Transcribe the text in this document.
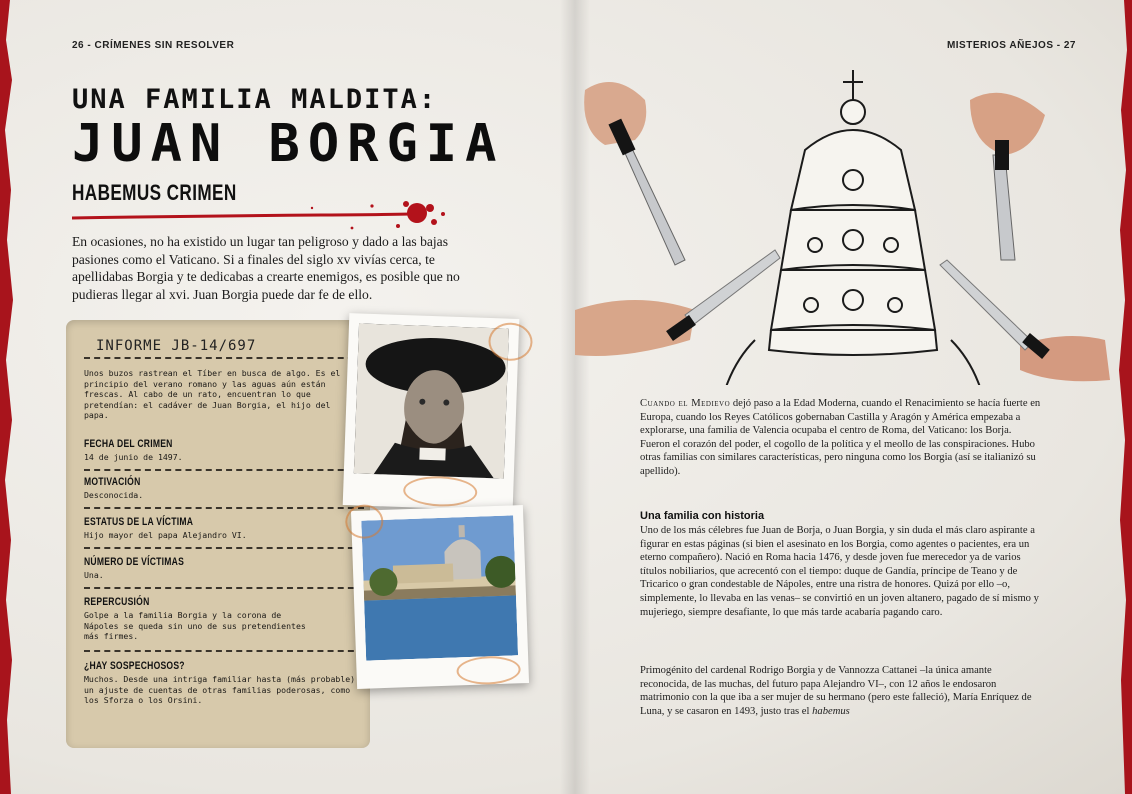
26 - CRÍMENES SIN RESOLVER	MISTERIOS AÑEJOS - 27
UNA FAMILIA MALDITA:
JUAN BORGIA
HABEMUS CRIMEN
En ocasiones, no ha existido un lugar tan peligroso y dado a las bajas pasiones como el Vaticano. Si a finales del siglo xv vivías cerca, te apellidabas Borgia y te dedicabas a crearte enemigos, es posible que no pudieras llegar al xvi. Juan Borgia puede dar fe de ello.
INFORME JB-14/697
Unos buzos rastrean el Tíber en busca de algo. Es el principio del verano romano y las aguas aún están frescas. Al cabo de un rato, encuentran lo que pretendían: el cadáver de Juan Borgia, el hijo del papa.
FECHA DEL CRIMEN
14 de junio de 1497.
MOTIVACIÓN
Desconocida.
ESTATUS DE LA VÍCTIMA
Hijo mayor del papa Alejandro VI.
NÚMERO DE VÍCTIMAS
Una.
REPERCUSIÓN
Golpe a la familia Borgia y la corona de Nápoles se queda sin uno de sus pretendientes más firmes.
¿HAY SOSPECHOSOS?
Muchos. Desde una intriga familiar hasta (más probable) un ajuste de cuentas de otras familias poderosas, como los Sforza o los Orsini.
Cuando el Medievo dejó paso a la Edad Moderna, cuando el Renacimiento se hacía fuerte en Europa, cuando los Reyes Católicos gobernaban Castilla y Aragón y América empezaba a explorarse, una familia de Valencia ocupaba el centro de Roma, del Vaticano: los Borja. Fueron el corazón del poder, el cogollo de la política y el meollo de las conspiraciones. Hubo otras familias con similares características, pero ninguna como los Borgia (así se italianizó su apellido).
Una familia con historia
Uno de los más célebres fue Juan de Borja, o Juan Borgia, y sin duda el más claro aspirante a figurar en estas páginas (si bien el asesinato en los Borgia, como agentes o pacientes, era un eterno compañero). Nació en Roma hacia 1476, y desde joven fue merecedor ya de varios títulos nobiliarios, que acrecentó con el tiempo: duque de Gandía, príncipe de Teano y de Tricarico o gran condestable de Nápoles, entre una ristra de honores. Quizá por ello –o, simplemente, lo llevaba en las venas– se convirtió en un joven altanero, pagado de sí mismo y mujeriego, siempre desafiante, lo que más tarde acabaría pagando caro.
Primogénito del cardenal Rodrigo Borgia y de Vannozza Cattanei –la única amante reconocida, de las muchas, del futuro papa Alejandro VI–, con 12 años le endosaron matrimonio con la que iba a ser mujer de su hermano (pero este falleció), María Enríquez de Luna, y se casaron en 1493, justo tras el habemus
